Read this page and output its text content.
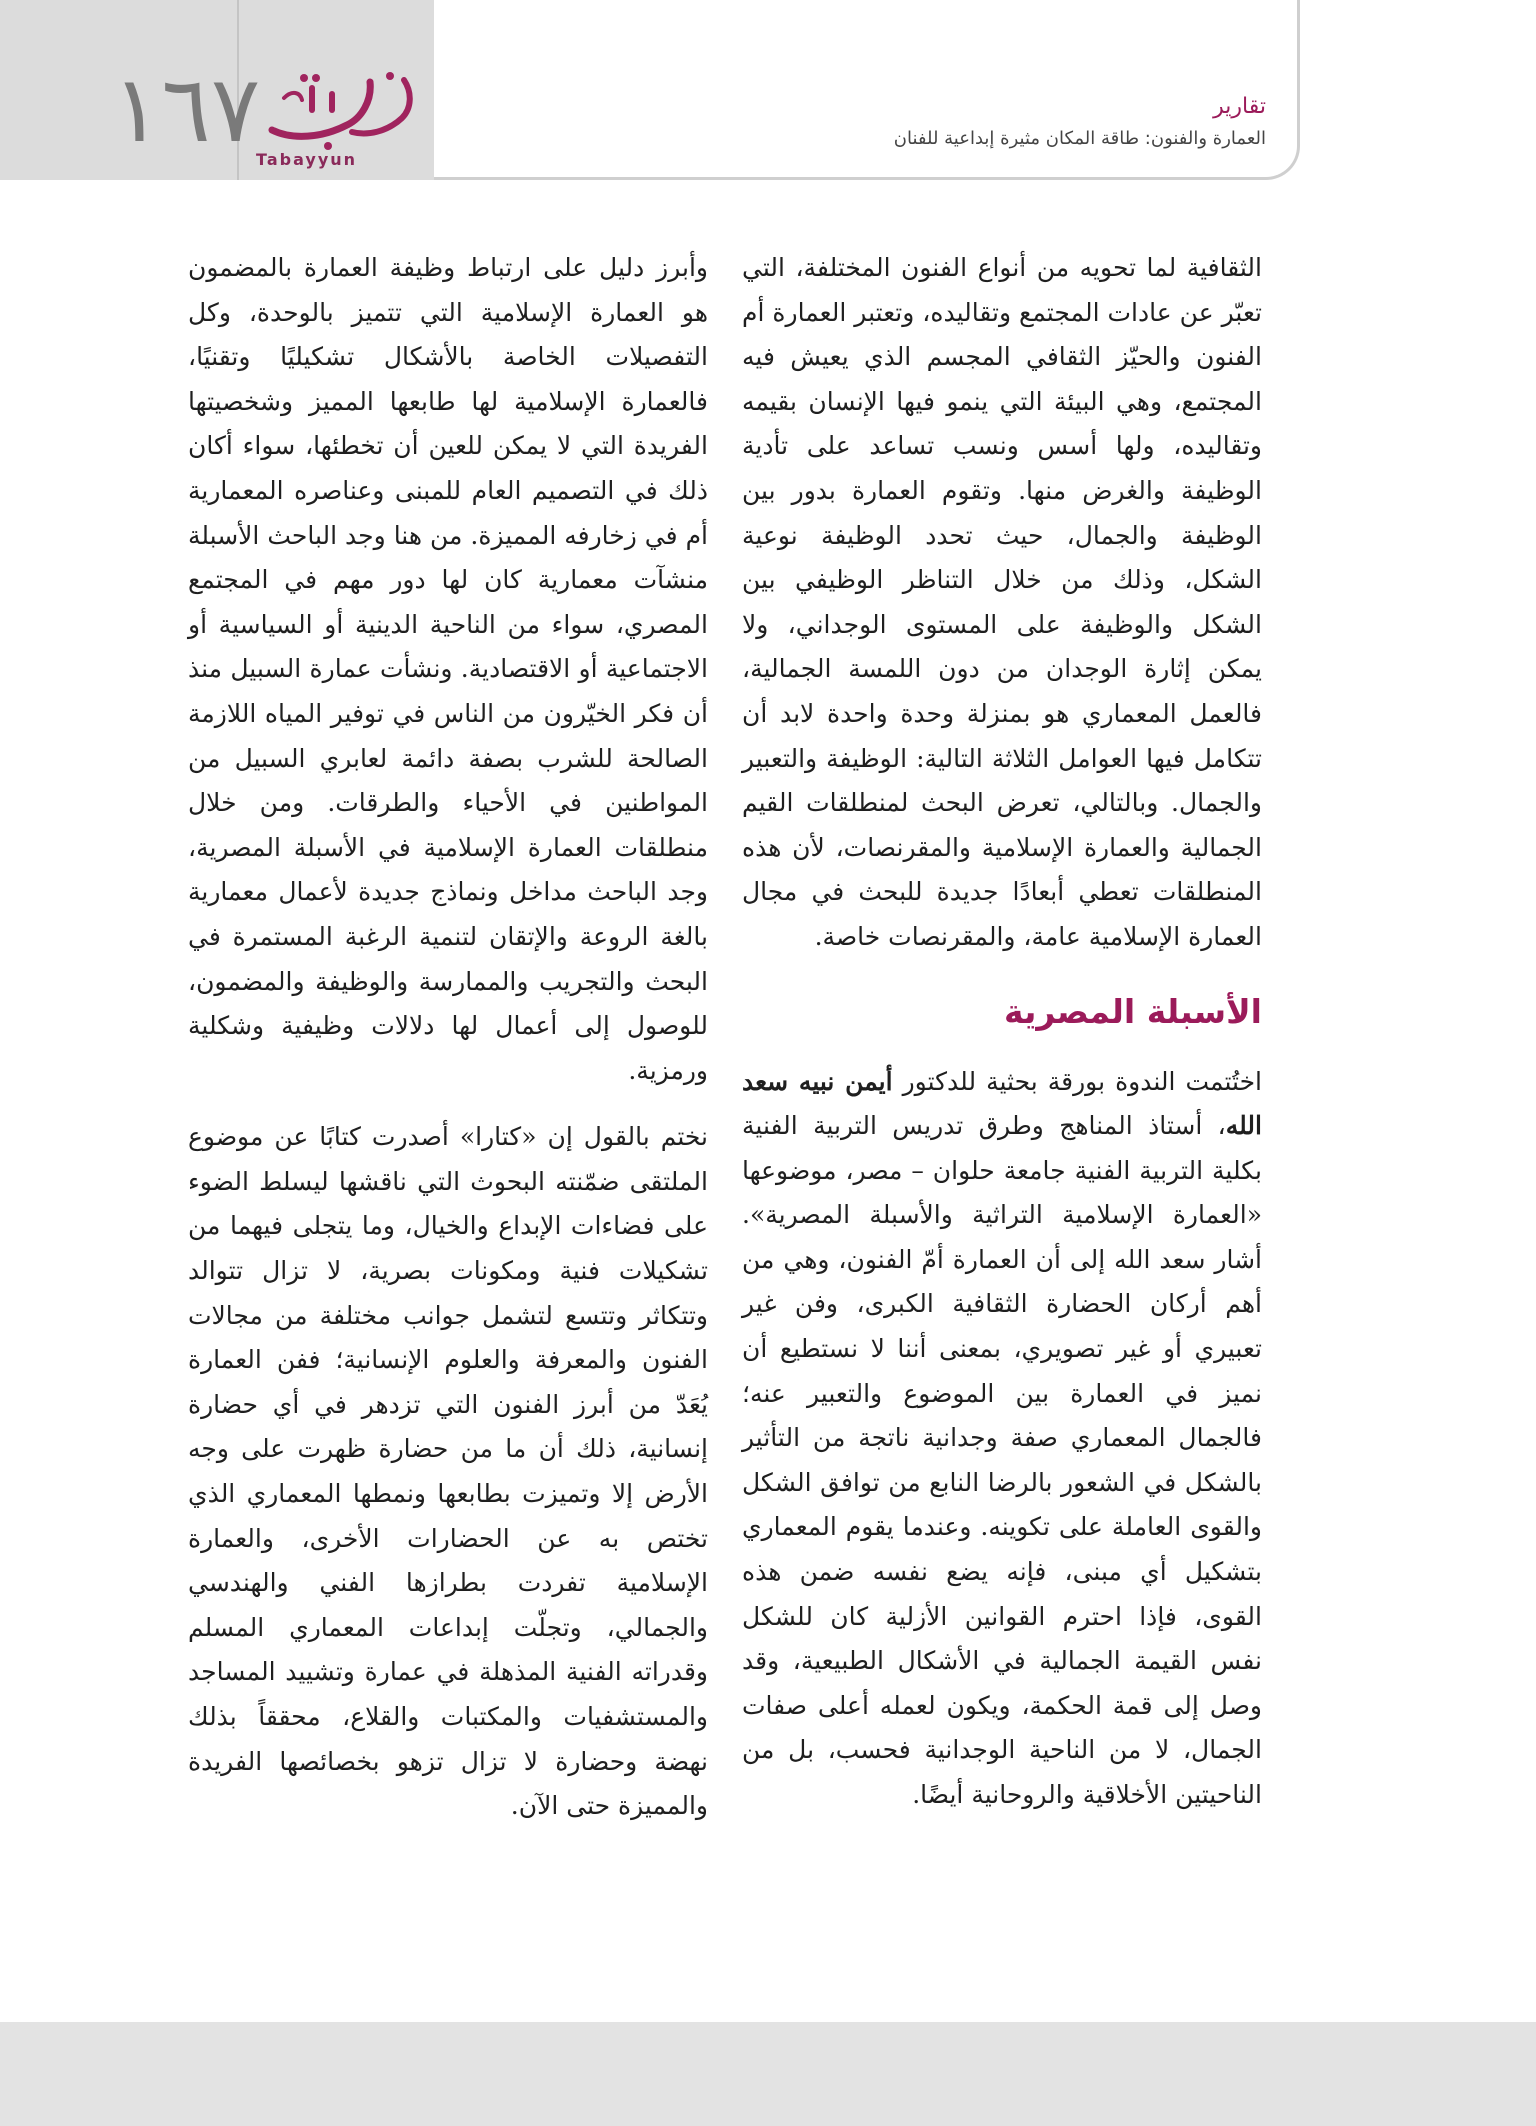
١٦٧
Tabayyun
تقارير
العمارة والفنون: طاقة المكان مثيرة إبداعية للفنان

الثقافية لما تحويه من أنواع الفنون المختلفة، التي تعبّر عن عادات المجتمع وتقاليده، وتعتبر العمارة أم الفنون والحيّز الثقافي المجسم الذي يعيش فيه المجتمع، وهي البيئة التي ينمو فيها الإنسان بقيمه وتقاليده، ولها أسس ونسب تساعد على تأدية الوظيفة والغرض منها. وتقوم العمارة بدور بين الوظيفة والجمال، حيث تحدد الوظيفة نوعية الشكل، وذلك من خلال التناظر الوظيفي بين الشكل والوظيفة على المستوى الوجداني، ولا يمكن إثارة الوجدان من دون اللمسة الجمالية، فالعمل المعماري هو بمنزلة وحدة واحدة لابد أن تتكامل فيها العوامل الثلاثة التالية: الوظيفة والتعبير والجمال. وبالتالي، تعرض البحث لمنطلقات القيم الجمالية والعمارة الإسلامية والمقرنصات، لأن هذه المنطلقات تعطي أبعادًا جديدة للبحث في مجال العمارة الإسلامية عامة، والمقرنصات خاصة.

الأسبلة المصرية

اختُتمت الندوة بورقة بحثية للدكتور أيمن نبيه سعد الله، أستاذ المناهج وطرق تدريس التربية الفنية بكلية التربية الفنية جامعة حلوان – مصر، موضوعها «العمارة الإسلامية التراثية والأسبلة المصرية». أشار سعد الله إلى أن العمارة أمّ الفنون، وهي من أهم أركان الحضارة الثقافية الكبرى، وفن غير تعبيري أو غير تصويري، بمعنى أننا لا نستطيع أن نميز في العمارة بين الموضوع والتعبير عنه؛ فالجمال المعماري صفة وجدانية ناتجة من التأثير بالشكل في الشعور بالرضا النابع من توافق الشكل والقوى العاملة على تكوينه. وعندما يقوم المعماري بتشكيل أي مبنى، فإنه يضع نفسه ضمن هذه القوى، فإذا احترم القوانين الأزلية كان للشكل نفس القيمة الجمالية في الأشكال الطبيعية، وقد وصل إلى قمة الحكمة، ويكون لعمله أعلى صفات الجمال، لا من الناحية الوجدانية فحسب، بل من الناحيتين الأخلاقية والروحانية أيضًا.

وأبرز دليل على ارتباط وظيفة العمارة بالمضمون هو العمارة الإسلامية التي تتميز بالوحدة، وكل التفصيلات الخاصة بالأشكال تشكيليًا وتقنيًا، فالعمارة الإسلامية لها طابعها المميز وشخصيتها الفريدة التي لا يمكن للعين أن تخطئها، سواء أكان ذلك في التصميم العام للمبنى وعناصره المعمارية أم في زخارفه المميزة. من هنا وجد الباحث الأسبلة منشآت معمارية كان لها دور مهم في المجتمع المصري، سواء من الناحية الدينية أو السياسية أو الاجتماعية أو الاقتصادية. ونشأت عمارة السبيل منذ أن فكر الخيّرون من الناس في توفير المياه اللازمة الصالحة للشرب بصفة دائمة لعابري السبيل من المواطنين في الأحياء والطرقات. ومن خلال منطلقات العمارة الإسلامية في الأسبلة المصرية، وجد الباحث مداخل ونماذج جديدة لأعمال معمارية بالغة الروعة والإتقان لتنمية الرغبة المستمرة في البحث والتجريب والممارسة والوظيفة والمضمون، للوصول إلى أعمال لها دلالات وظيفية وشكلية ورمزية.

نختم بالقول إن «كتارا» أصدرت كتابًا عن موضوع الملتقى ضمّنته البحوث التي ناقشها ليسلط الضوء على فضاءات الإبداع والخيال، وما يتجلى فيهما من تشكيلات فنية ومكونات بصرية، لا تزال تتوالد وتتكاثر وتتسع لتشمل جوانب مختلفة من مجالات الفنون والمعرفة والعلوم الإنسانية؛ ففن العمارة يُعَدّ من أبرز الفنون التي تزدهر في أي حضارة إنسانية، ذلك أن ما من حضارة ظهرت على وجه الأرض إلا وتميزت بطابعها ونمطها المعماري الذي تختص به عن الحضارات الأخرى، والعمارة الإسلامية تفردت بطرازها الفني والهندسي والجمالي، وتجلّت إبداعات المعماري المسلم وقدراته الفنية المذهلة في عمارة وتشييد المساجد والمستشفيات والمكتبات والقلاع، محققاً بذلك نهضة وحضارة لا تزال تزهو بخصائصها الفريدة والمميزة حتى الآن.
